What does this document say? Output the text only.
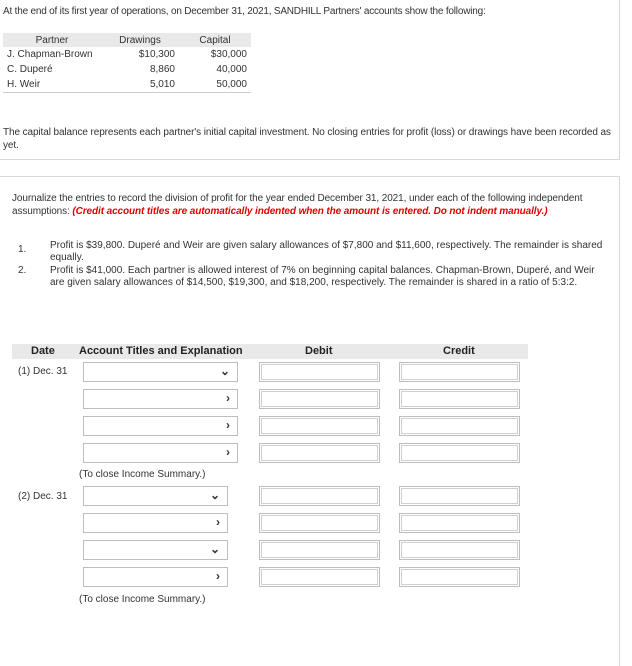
At the end of its first year of operations, on December 31, 2021, SANDHILL Partners' accounts show the following:
Partner	Drawings	Capital
J. Chapman-Brown	$10,300	$30,000
C. Duperé	8,860	40,000
H. Weir	5,010	50,000
The capital balance represents each partner's initial capital investment. No closing entries for profit (loss) or drawings have been recorded as yet.
Journalize the entries to record the division of profit for the year ended December 31, 2021, under each of the following independent assumptions: (Credit account titles are automatically indented when the amount is entered. Do not indent manually.)
1.	Profit is $39,800. Duperé and Weir are given salary allowances of $7,800 and $11,600, respectively. The remainder is shared equally.
2.	Profit is $41,000. Each partner is allowed interest of 7% on beginning capital balances. Chapman-Brown, Duperé, and Weir are given salary allowances of $14,500, $19,300, and $18,200, respectively. The remainder is shared in a ratio of 5:3:2.
Date Account Titles and Explanation	Debit	Credit
(1) Dec. 31	⌄
›
›
›
(To close Income Summary.)
(2) Dec. 31	⌄
›
⌄
›
(To close Income Summary.)
